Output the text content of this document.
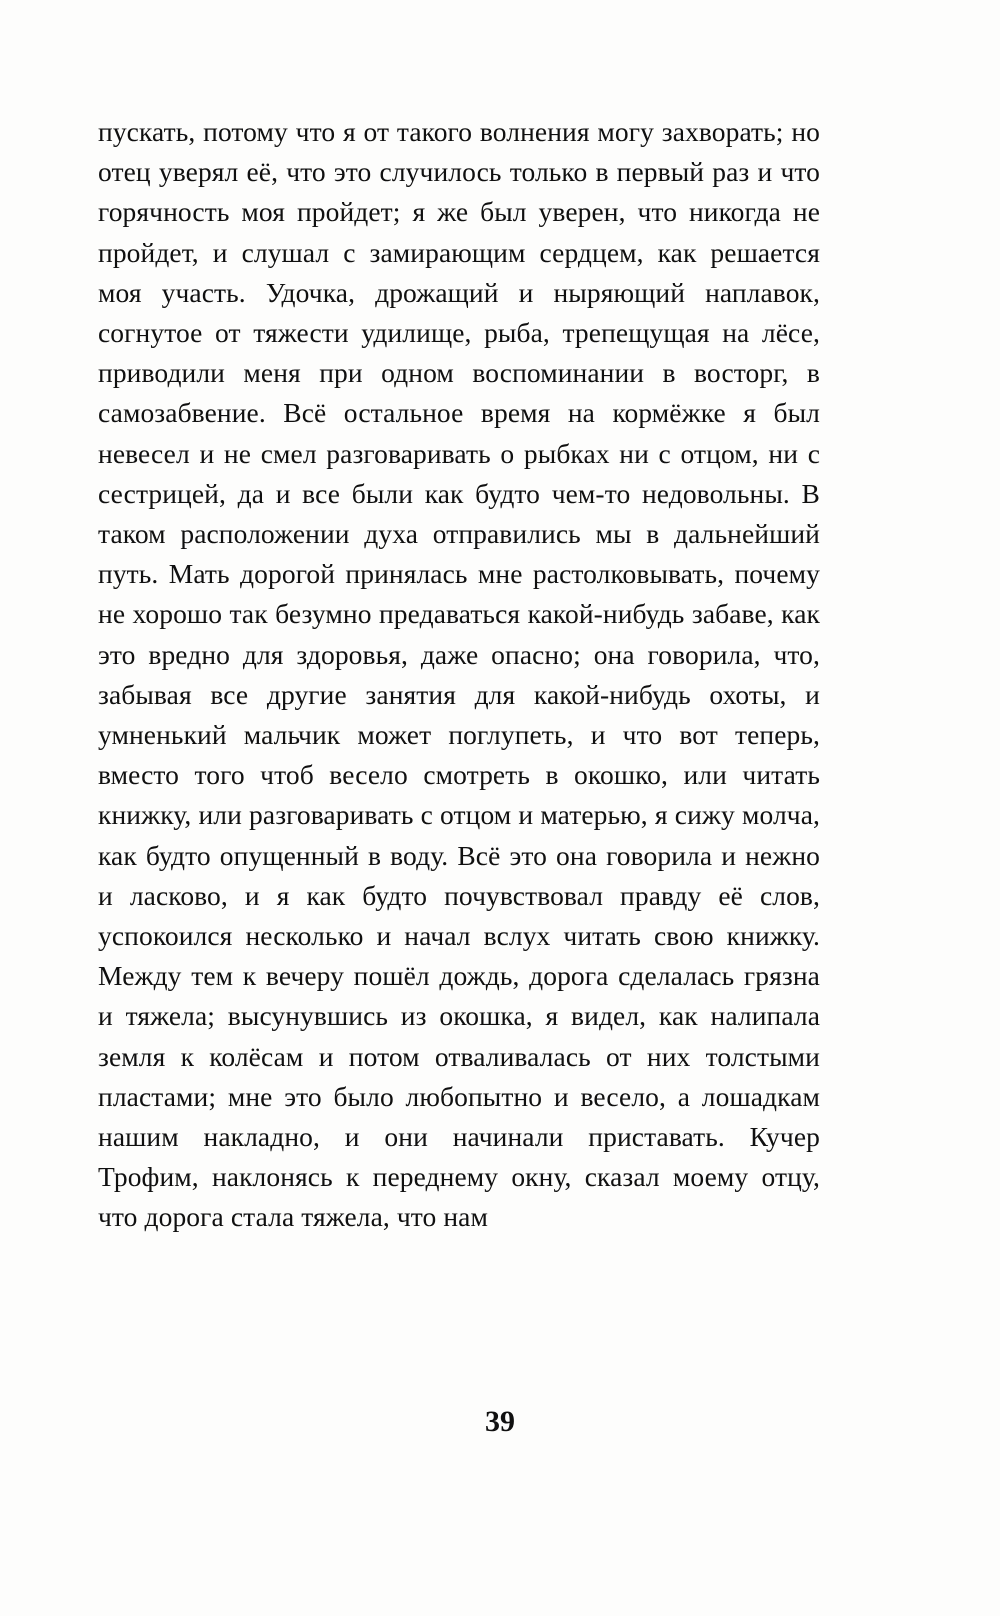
пускать, потому что я от такого волнения могу захворать; но отец уверял её, что это случилось только в первый раз и что горячность моя пройдет; я же был уверен, что никогда не пройдет, и слушал с замирающим сердцем, как решается моя участь. Удочка, дрожащий и ныряющий наплавок, согнутое от тяжести удилище, рыба, трепещущая на лёсе, приводили меня при одном воспоминании в восторг, в самозабвение. Всё остальное время на кормёжке я был невесел и не смел разговаривать о рыбках ни с отцом, ни с сестрицей, да и все были как будто чем-то недовольны. В таком расположении духа отправились мы в дальнейший путь. Мать дорогой принялась мне растолковывать, почему не хорошо так безумно предаваться какой-нибудь забаве, как это вредно для здоровья, даже опасно; она говорила, что, забывая все другие занятия для какой-нибудь охоты, и умненький мальчик может поглупеть, и что вот теперь, вместо того чтоб весело смотреть в окошко, или читать книжку, или разговаривать с отцом и матерью, я сижу молча, как будто опущенный в воду. Всё это она говорила и нежно и ласково, и я как будто почувствовал правду её слов, успокоился несколько и начал вслух читать свою книжку. Между тем к вечеру пошёл дождь, дорога сделалась грязна и тяжела; высунувшись из окошка, я видел, как налипала земля к колёсам и потом отваливалась от них толстыми пластами; мне это было любопытно и весело, а лошадкам нашим накладно, и они начинали приставать. Кучер Трофим, наклонясь к переднему окну, сказал моему отцу, что дорога стала тяжела, что нам

39
